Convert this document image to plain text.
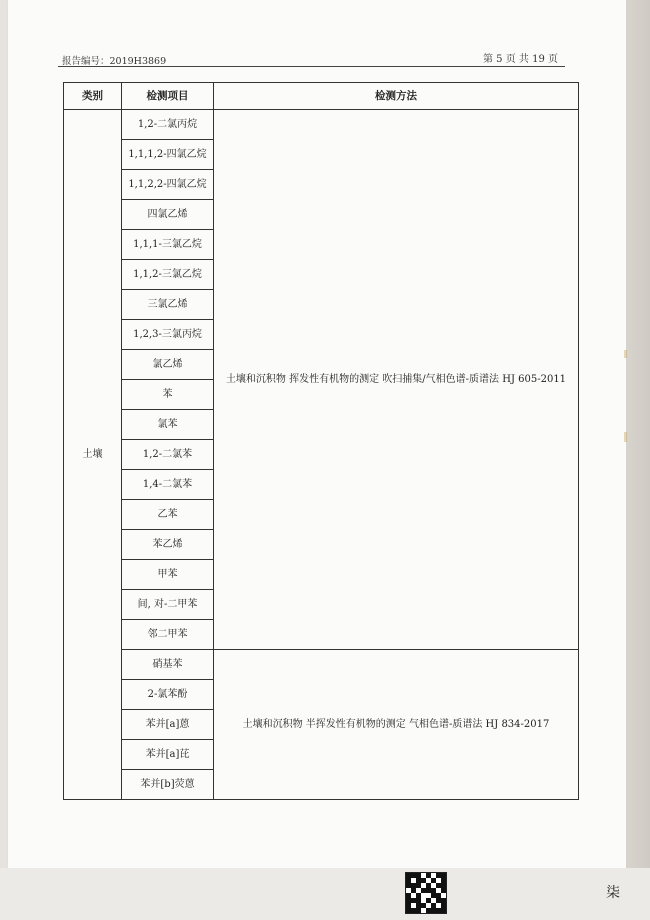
报告编号：2019H3869	第 5 页 共 19 页
类别	检测项目	检测方法
土壤	1,2-二氯丙烷	土壤和沉积物 挥发性有机物的测定 吹扫捕集/气相色谱-质谱法 HJ 605-2011
	1,1,1,2-四氯乙烷	
	1,1,2,2-四氯乙烷	
	四氯乙烯	
	1,1,1-三氯乙烷	
	1,1,2-三氯乙烷	
	三氯乙烯	
	1,2,3-三氯丙烷	
	氯乙烯	
	苯	
	氯苯	
	1,2-二氯苯	
	1,4-二氯苯	
	乙苯	
	苯乙烯	
	甲苯	
	间, 对-二甲苯	
	邻二甲苯	
	硝基苯	土壤和沉积物 半挥发性有机物的测定 气相色谱-质谱法 HJ 834-2017
	2-氯苯酚	
	苯并[a]蒽	
	苯并[a]芘	
	苯并[b]荧蒽	
柒
